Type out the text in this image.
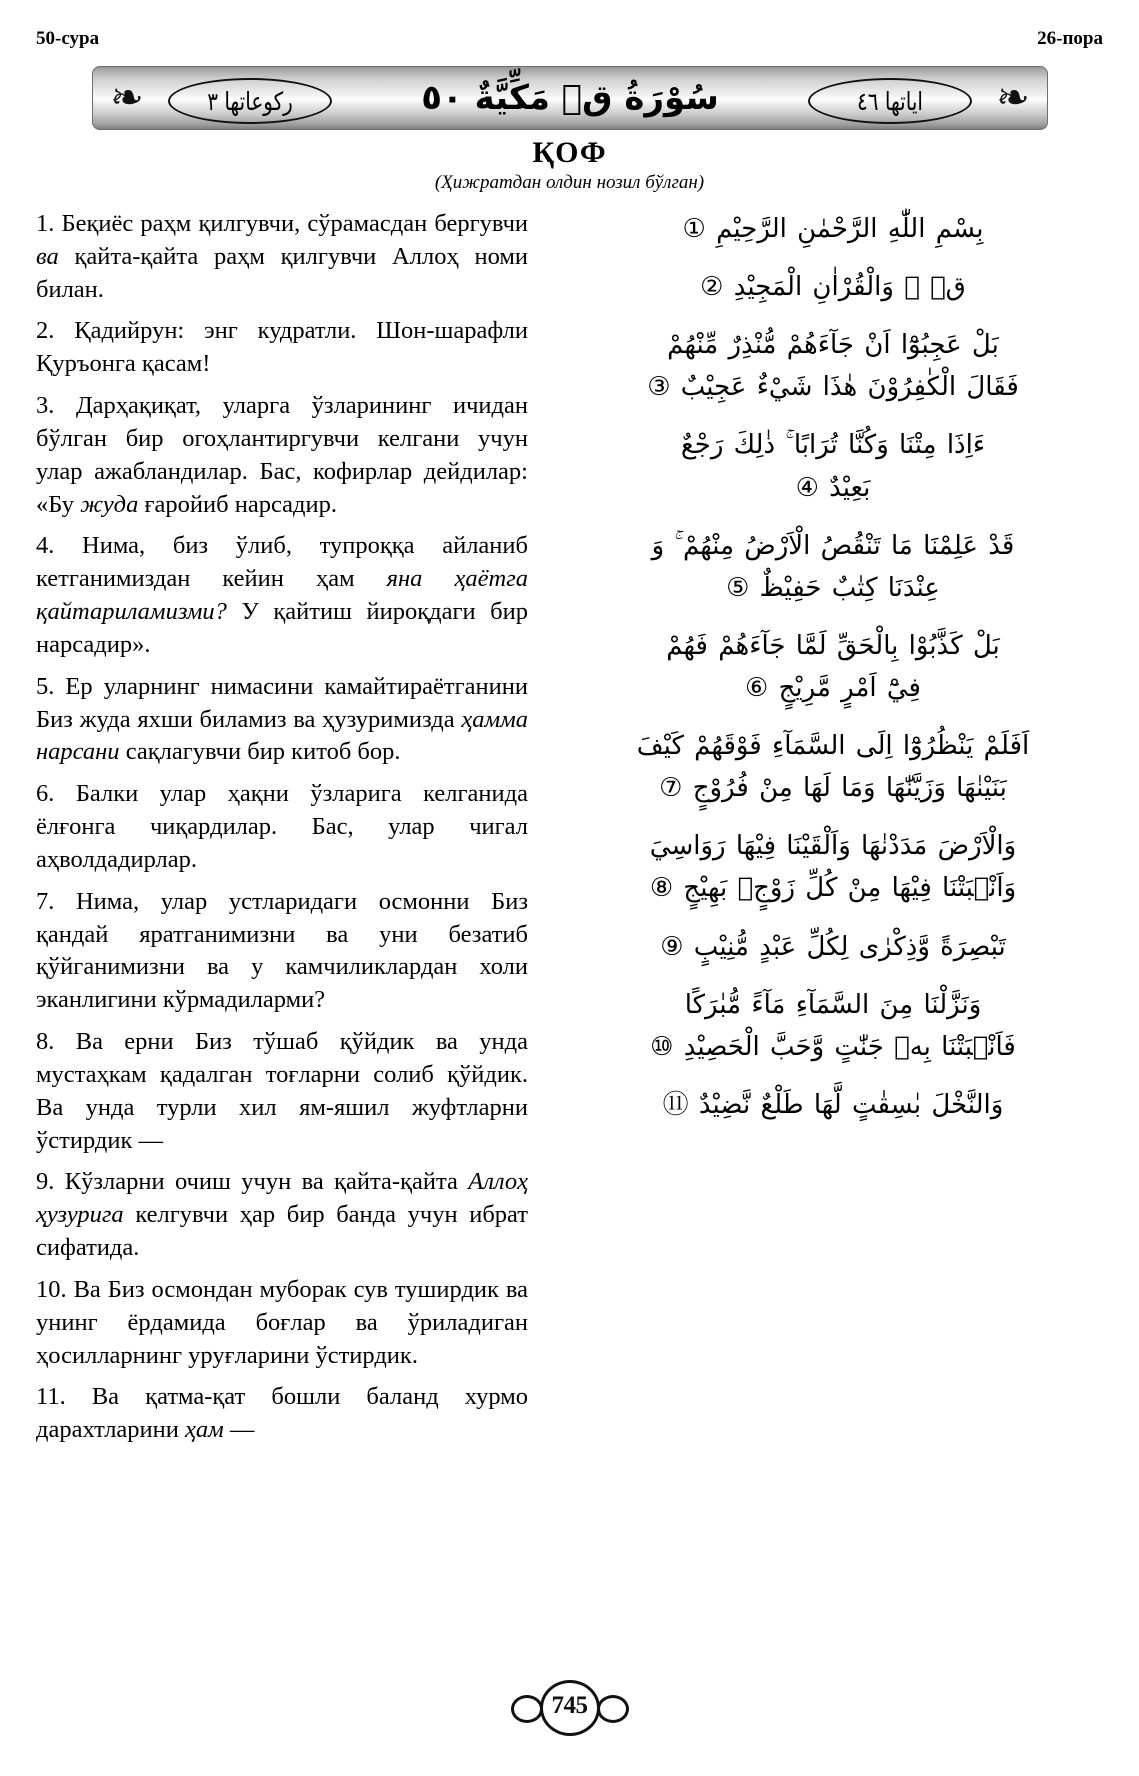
50-сура	26-пора
❧	❧
ركوعاتها ٣	سُوْرَةُ قۤ مَكِّيَّةٌ ٥٠	اياتها ٤٦
ҚОФ
(Ҳижратдан олдин нозил бўлган)

1. Беқиёс раҳм қилгувчи, сўрамасдан бергувчи ва қайта-қайта раҳм қилгувчи Аллоҳ номи билан.

2. Қадийрун: энг кудратли. Шон-шарафли Қуръонга қасам!

3. Дарҳақиқат, уларга ўзларининг ичидан бўлган бир огоҳлантиргувчи келгани учун улар ажабландилар. Бас, кофирлар дейдилар: «Бу жуда ғаройиб нарсадир.

4. Нима, биз ўлиб, тупроққа айланиб кетганимиздан кейин ҳам яна ҳаётга қайтариламизми? У қайтиш йироқдаги бир нарсадир».

5. Ер уларнинг нимасини камайтираётганини Биз жуда яхши биламиз ва ҳузуримизда ҳамма нарсани сақлагувчи бир китоб бор.

6. Балки улар ҳақни ўзларига келганида ёлғонга чиқардилар. Бас, улар чигал аҳволдадирлар.

7. Нима, улар устларидаги осмонни Биз қандай яратганимизни ва уни безатиб қўйганимизни ва у камчиликлардан холи эканлигини кўрмадиларми?

8. Ва ерни Биз тўшаб қўйдик ва унда мустаҳкам қадалган тоғларни солиб қўйдик. Ва унда турли хил ям-яшил жуфтларни ўстирдик —

9. Кўзларни очиш учун ва қайта-қайта Аллоҳ ҳузурига келгувчи ҳар бир банда учун ибрат сифатида.

10. Ва Биз осмондан муборак сув туширдик ва унинг ёрдамида боғлар ва ўриладиган ҳосилларнинг уруғларини ўстирдик.

11. Ва қатма-қат бошли баланд хурмо дарахтларини ҳам —

بِسْمِ اللّٰهِ الرَّحْمٰنِ الرَّحِيْمِ ①

قۤ ۚ وَالْقُرْاٰنِ الْمَجِيْدِ ②

بَلْ عَجِبُوْٓا اَنْ جَآءَهُمْ مُّنْذِرٌ مِّنْهُمْ

فَقَالَ الْكٰفِرُوْنَ هٰذَا شَيْءٌ عَجِيْبٌ ③

ءَاِذَا مِتْنَا وَكُنَّا تُرَابًا ۚ ذٰلِكَ رَجْعٌ

بَعِيْدٌ ④

قَدْ عَلِمْنَا مَا تَنْقُصُ الْاَرْضُ مِنْهُمْ ۚ وَ

عِنْدَنَا كِتٰبٌ حَفِيْظٌ ⑤

بَلْ كَذَّبُوْا بِالْحَقِّ لَمَّا جَآءَهُمْ فَهُمْ

فِيْٓ اَمْرٍ مَّرِيْجٍ ⑥

اَفَلَمْ يَنْظُرُوْٓا اِلَى السَّمَآءِ فَوْقَهُمْ كَيْفَ

بَنَيْنٰهَا وَزَيَّنّٰهَا وَمَا لَهَا مِنْ فُرُوْجٍ ⑦

وَالْاَرْضَ مَدَدْنٰهَا وَاَلْقَيْنَا فِيْهَا رَوَاسِيَ

وَاَنْۢبَتْنَا فِيْهَا مِنْ كُلِّ زَوْجٍۢ بَهِيْجٍ ⑧

تَبْصِرَةً وَّذِكْرٰى لِكُلِّ عَبْدٍ مُّنِيْبٍ ⑨

وَنَزَّلْنَا مِنَ السَّمَآءِ مَآءً مُّبٰرَكًا

فَاَنْۢبَتْنَا بِهٖ جَنّٰتٍ وَّحَبَّ الْحَصِيْدِ ⑩

وَالنَّخْلَ بٰسِقٰتٍ لَّهَا طَلْعٌ نَّضِيْدٌ ⑪

745
